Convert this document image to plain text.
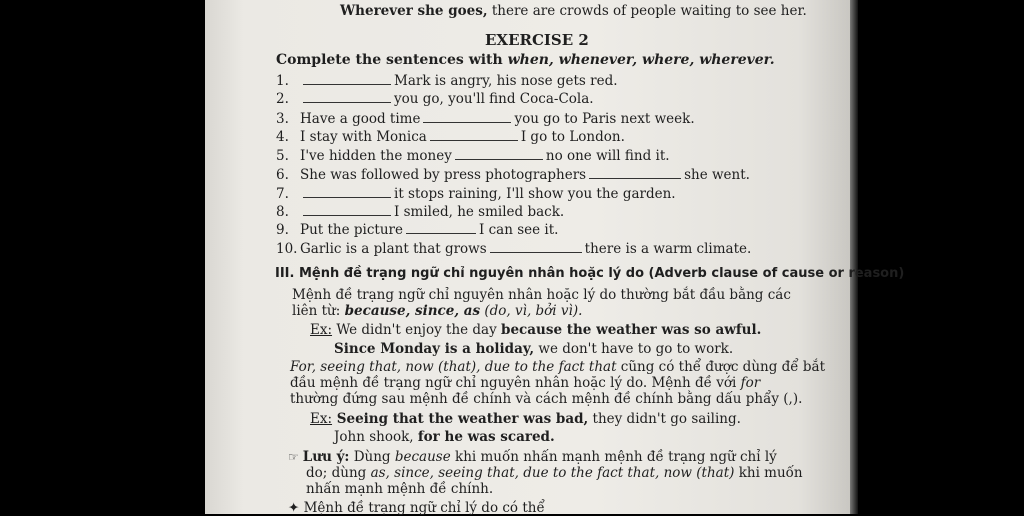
Wherever she goes, there are crowds of people waiting to see her.
EXERCISE 2
Complete the sentences with when, whenever, where, wherever.
1.	Mark is angry, his nose gets red.
2.	you go, you'll find Coca-Cola.
3. Have a good time	you go to Paris next week.
4. I stay with Monica	I go to London.
5. I've hidden the money	no one will find it.
6. She was followed by press photographers	she went.
7.	it stops raining, I'll show you the garden.
8.	I smiled, he smiled back.
9. Put the picture	I can see it.
10. Garlic is a plant that grows	there is a warm climate.
III. Mệnh đề trạng ngữ chỉ nguyên nhân hoặc lý do (Adverb clause of cause or reason)
Mệnh đề trạng ngữ chỉ nguyên nhân hoặc lý do thường bắt đầu bằng các
liên từ: because, since, as (do, vì, bởi vì).
Ex: We didn't enjoy the day because the weather was so awful.
Since Monday is a holiday, we don't have to go to work.
For, seeing that, now (that), due to the fact that cũng có thể được dùng để bắt
đầu mệnh đề trạng ngữ chỉ nguyên nhân hoặc lý do. Mệnh đề với for
thường đứng sau mệnh đề chính và cách mệnh đề chính bằng dấu phẩy (,).
Ex: Seeing that the weather was bad, they didn't go sailing.
John shook, for he was scared.
☞ Lưu ý: Dùng because khi muốn nhấn mạnh mệnh đề trạng ngữ chỉ lý
do; dùng as, since, seeing that, due to the fact that, now (that) khi muốn
nhấn mạnh mệnh đề chính.
✦ Mệnh đề trạng ngữ chỉ lý do có thể
